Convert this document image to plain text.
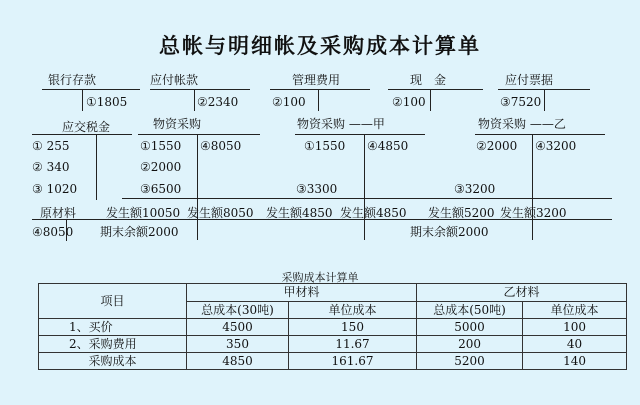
总帐与明细帐及采购成本计算单
银行存款
①1805
应付帐款
②2340
管理费用
②100
现　金
②100
应付票据
③7520
应交税金
① 255
② 340
③ 1020
物资采购
①1550
②2000
③6500
④8050
物资采购 ——甲
①1550
③3300
④4850
物资采购 ——乙
②2000
③3200
④3200
原材料 发生额10050 发生额8050 发生额4850 发生额4850 发生额5200 发生额3200
④8050 期末余额2000	期末余额2000
采购成本计算单
项目	甲材料		乙材料	
	总成本(30吨)	单位成本	总成本(50吨)	单位成本
1、买价	4500	150	5000	100
2、采购费用	350	11.67	200	40
采购成本	4850	161.67	5200	140
